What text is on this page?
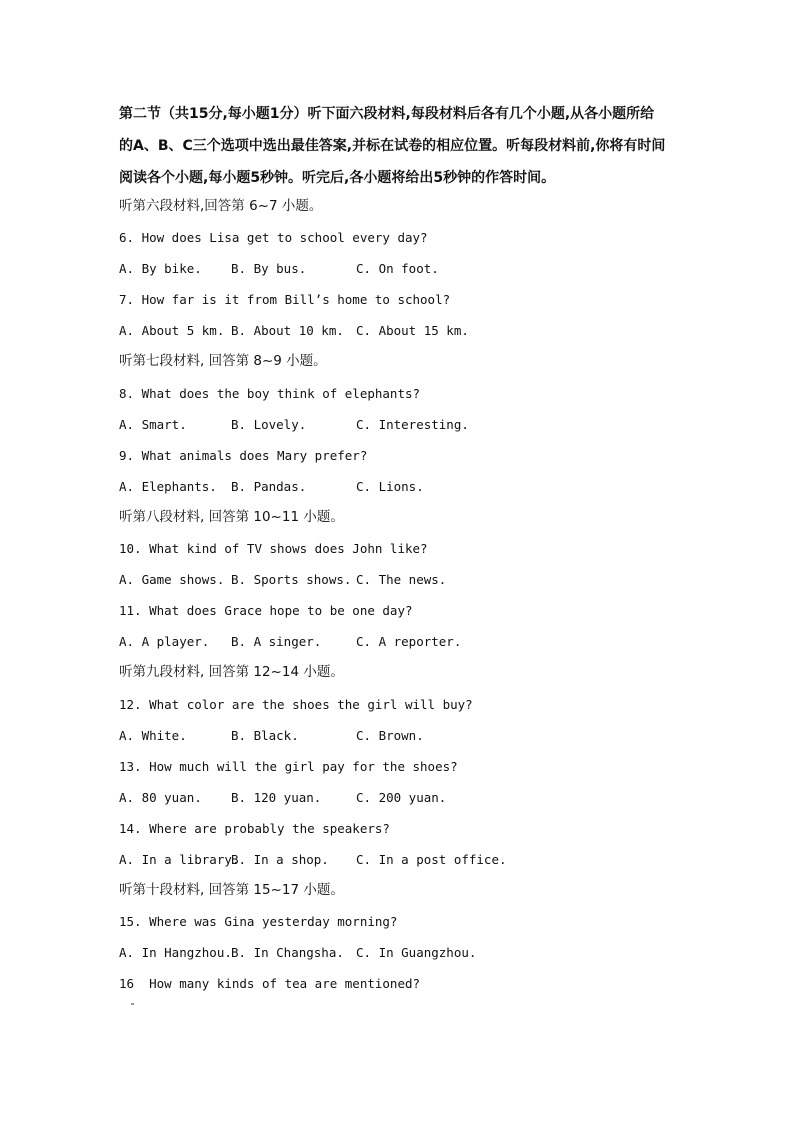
第二节（共15分,每小题1分）听下面六段材料,每段材料后各有几个小题,从各小题所给

的A、B、C三个选项中选出最佳答案,并标在试卷的相应位置。听每段材料前,你将有时间

阅读各个小题,每小题5秒钟。听完后,各小题将给出5秒钟的作答时间。

听第六段材料,回答第 6~7 小题。
6. How does Lisa get to school every day?
A. By bike. B. By bus.	C. On foot.
7. How far is it from Bill’s home to school?
A. About 5 km. B. About 10 km. C. About 15 km.
听第七段材料, 回答第 8~9 小题。
8. What does the boy think of elephants?
A. Smart.	B. Lovely.	C. Interesting.
9. What animals does Mary prefer?
A. Elephants. B. Pandas.	C. Lions.
听第八段材料, 回答第 10~11 小题。
10. What kind of TV shows does John like?
A. Game shows. B. Sports shows. C. The news.
11. What does Grace hope to be one day?
A. A player. B. A singer.	C. A reporter.
听第九段材料, 回答第 12~14 小题。
12. What color are the shoes the girl will buy?
A. White.	B. Black.	C. Brown.
13. How much will the girl pay for the shoes?
A. 80 yuan. B. 120 yuan.	C. 200 yuan.
14. Where are probably the speakers?
A. In a library.B. In a shop. C. In a post office.
听第十段材料, 回答第 15~17 小题。
15. Where was Gina yesterday morning?
A. In Hangzhou.B. In Changsha. C. In Guangzhou.
16  How many kinds of tea are mentioned?
